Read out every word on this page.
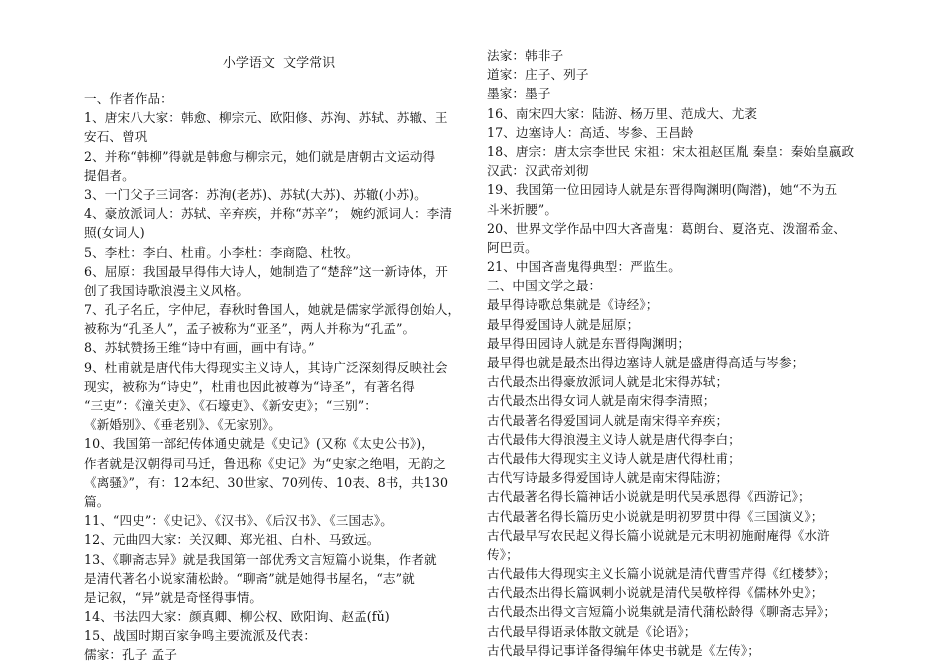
小学语文  文学常识
一、作者作品：
1、唐宋八大家：韩愈、柳宗元、欧阳修、苏洵、苏轼、苏辙、王
安石、曾巩
2、并称“韩柳”得就是韩愈与柳宗元，她们就是唐朝古文运动得
提倡者。
3、一门父子三词客：苏洵(老苏)、苏轼(大苏)、苏辙(小苏)。
4、豪放派词人：苏轼、辛弃疾，并称“苏辛”； 婉约派词人：李清
照(女词人)
5、李杜：李白、杜甫。小李杜：李商隐、杜牧。
6、屈原：我国最早得伟大诗人，她制造了“楚辞”这一新诗体，开
创了我国诗歌浪漫主义风格。
7、孔子名丘，字仲尼，春秋时鲁国人，她就是儒家学派得创始人，
被称为“孔圣人”，孟子被称为“亚圣”，两人并称为“孔孟”。
8、苏轼赞扬王维“诗中有画，画中有诗。”
9、杜甫就是唐代伟大得现实主义诗人，其诗广泛深刻得反映社会
现实，被称为“诗史”，杜甫也因此被尊为“诗圣”，有著名得
“三吏”：《潼关吏》、《石壕吏》、《新安吏》；“三别”：
《新婚别》、《垂老别》、《无家别》。
10、我国第一部纪传体通史就是《史记》(又称《太史公书》)，
作者就是汉朝得司马迁，鲁迅称《史记》为“史家之绝唱，无韵之
《离骚》”，有：12本纪、30世家、70列传、10表、8书，共130
篇。
11、“四史”：《史记》、《汉书》、《后汉书》、《三国志》。
12、元曲四大家：关汉卿、郑光祖、白朴、马致远。
13、《聊斋志异》就是我国第一部优秀文言短篇小说集，作者就
是清代著名小说家蒲松龄。“聊斋”就是她得书屋名，“志”就
是记叙，“异”就是奇怪得事情。
14、书法四大家：颜真卿、柳公权、欧阳询、赵孟(fǔ)
15、战国时期百家争鸣主要流派及代表：
儒家：孔子 孟子
法家：韩非子
道家：庄子、列子
墨家：墨子
16、南宋四大家：陆游、杨万里、范成大、尤袤
17、边塞诗人：高适、岑参、王昌龄
18、唐宗：唐太宗李世民 宋祖：宋太祖赵匡胤 秦皇：秦始皇嬴政
汉武：汉武帝刘彻
19、我国第一位田园诗人就是东晋得陶渊明(陶潜)，她“不为五
斗米折腰”。
20、世界文学作品中四大吝啬鬼：葛朗台、夏洛克、泼溜希金、
阿巴贡。
21、中国吝啬鬼得典型：严监生。
二、中国文学之最：
最早得诗歌总集就是《诗经》；
最早得爱国诗人就是屈原；
最早得田园诗人就是东晋得陶渊明；
最早得也就是最杰出得边塞诗人就是盛唐得高适与岑参；
古代最杰出得豪放派词人就是北宋得苏轼；
古代最杰出得女词人就是南宋得李清照；
古代最著名得爱国词人就是南宋得辛弃疾；
古代最伟大得浪漫主义诗人就是唐代得李白；
古代最伟大得现实主义诗人就是唐代得杜甫；
古代写诗最多得爱国诗人就是南宋得陆游；
古代最著名得长篇神话小说就是明代吴承恩得《西游记》；
古代最著名得长篇历史小说就是明初罗贯中得《三国演义》；
古代最早写农民起义得长篇小说就是元末明初施耐庵得《水浒
传》；
古代最伟大得现实主义长篇小说就是清代曹雪芹得《红楼梦》；
古代最杰出得长篇讽刺小说就是清代吴敬梓得《儒林外史》；
古代最杰出得文言短篇小说集就是清代蒲松龄得《聊斋志异》；
古代最早得语录体散文就是《论语》；
古代最早得记事详备得编年体史书就是《左传》；
